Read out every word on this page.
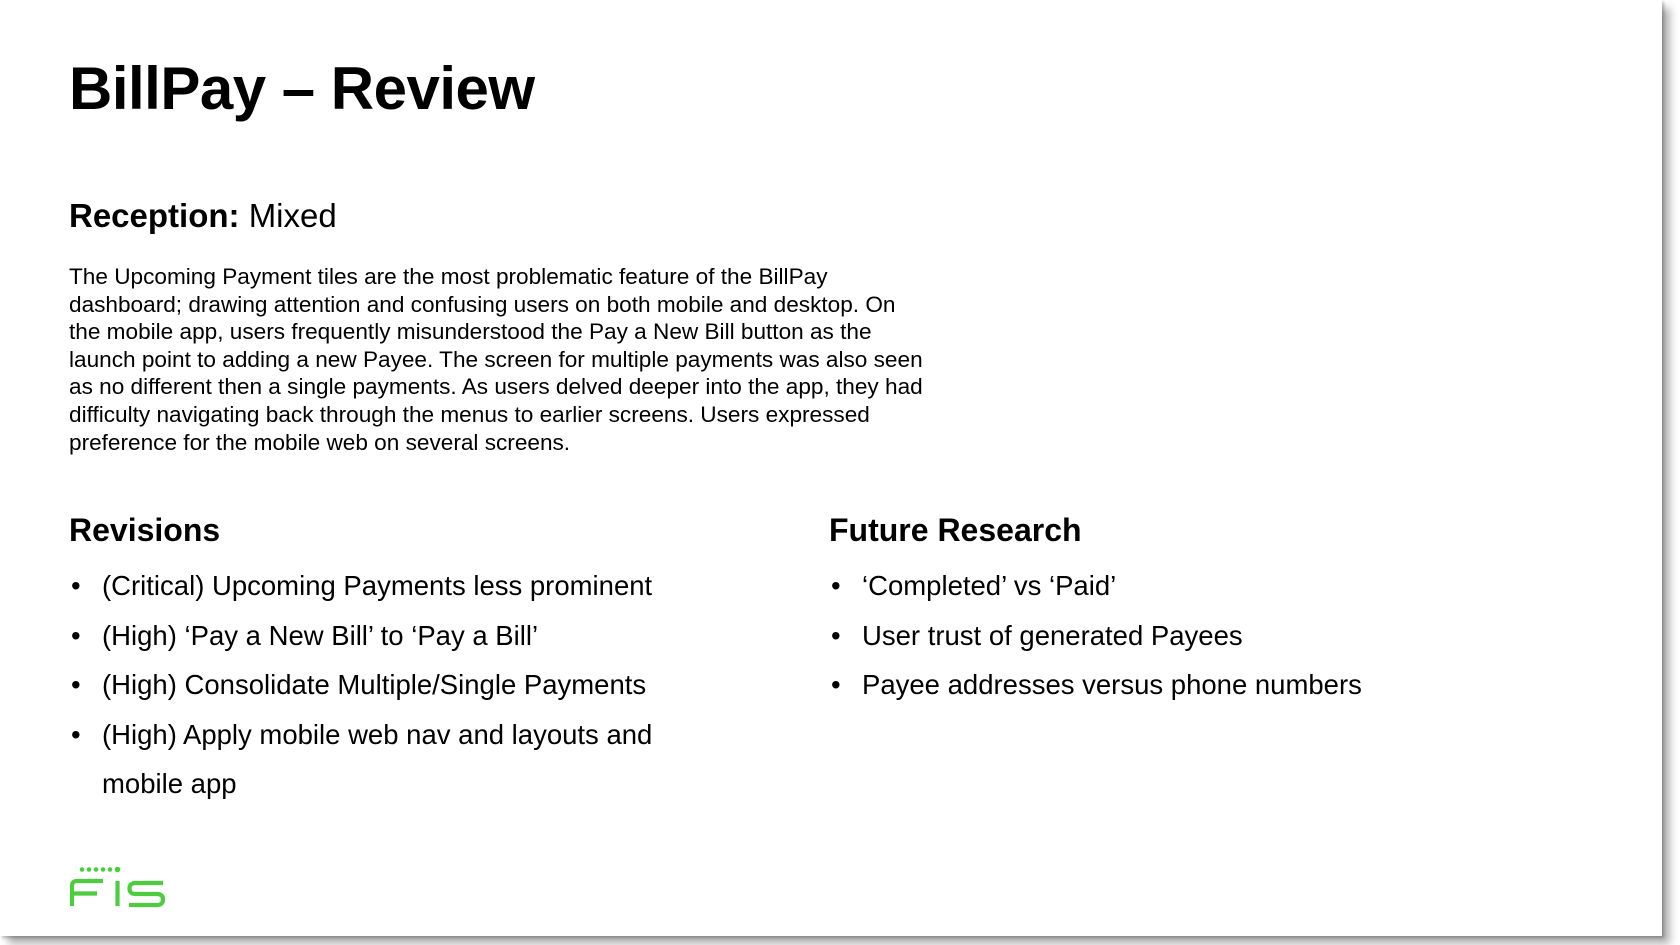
BillPay – Review

Reception: Mixed

The Upcoming Payment tiles are the most problematic feature of the BillPay dashboard; drawing attention and confusing users on both mobile and desktop. On the mobile app, users frequently misunderstood the Pay a New Bill button as the launch point to adding a new Payee. The screen for multiple payments was also seen as no different then a single payments. As users delved deeper into the app, they had difficulty navigating back through the menus to earlier screens. Users expressed preference for the mobile web on several screens.

Revisions
• (Critical) Upcoming Payments less prominent
• (High) ‘Pay a New Bill’ to ‘Pay a Bill’
• (High) Consolidate Multiple/Single Payments
• (High) Apply mobile web nav and layouts and mobile app
Future Research
• ‘Completed’ vs ‘Paid’
• User trust of generated Payees
• Payee addresses versus phone numbers
